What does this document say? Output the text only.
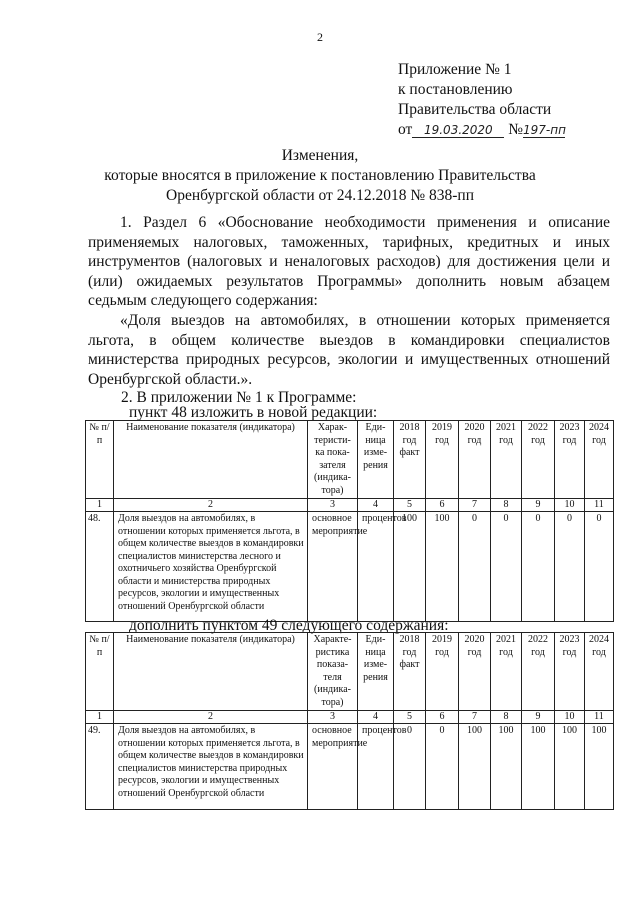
2
Приложение № 1
к постановлению
Правительства области
от 19.03.2020 №197-пп
Изменения,
которые вносятся в приложение к постановлению Правительства
Оренбургской области от 24.12.2018 № 838-пп
1. Раздел 6 «Обоснование необходимости применения и описание применяемых налоговых, таможенных, тарифных, кредитных и иных инструментов (налоговых и неналоговых расходов) для достижения цели и (или) ожидаемых результатов Программы» дополнить новым абзацем седьмым следующего содержания:
«Доля выездов на автомобилях, в отношении которых применяется льгота, в общем количестве выездов в командировки специалистов министерства природных ресурсов, экологии и имущественных отношений Оренбургской области.».
2. В приложении № 1 к Программе:
пункт 48 изложить в новой редакции:
№ п/п	Наименование показателя (индикатора)	Харак-теристи-ка пока-зателя (индика-тора)	Еди-ница изме-рения	2018 год факт	2019 год	2020 год	2021 год	2022 год	2023 год	2024 год
1	2	3	4	5	6	7	8	9	10	11
48.	Доля выездов на автомобилях, в отношении которых применяется льгота, в общем количестве выездов в командировки специалистов министерства лесного и охотничьего хозяйства Оренбургской области и министерства природных ресурсов, экологии и имущественных отношений Оренбургской области	основное мероприятие	процентов	100	100	0	0	0	0	0
дополнить пунктом 49 следующего содержания:
№ п/п	Наименование показателя (индикатора)	Характе-ристика показа-теля (индика-тора)	Еди-ница изме-рения	2018 год факт	2019 год	2020 год	2021 год	2022 год	2023 год	2024 год
1	2	3	4	5	6	7	8	9	10	11
49.	Доля выездов на автомобилях, в отношении которых применяется льгота, в общем количестве выездов в командировки специалистов министерства природных ресурсов, экологии и имущественных отношений Оренбургской области	основное мероприятие	процентов	0	0	100	100	100	100	100
